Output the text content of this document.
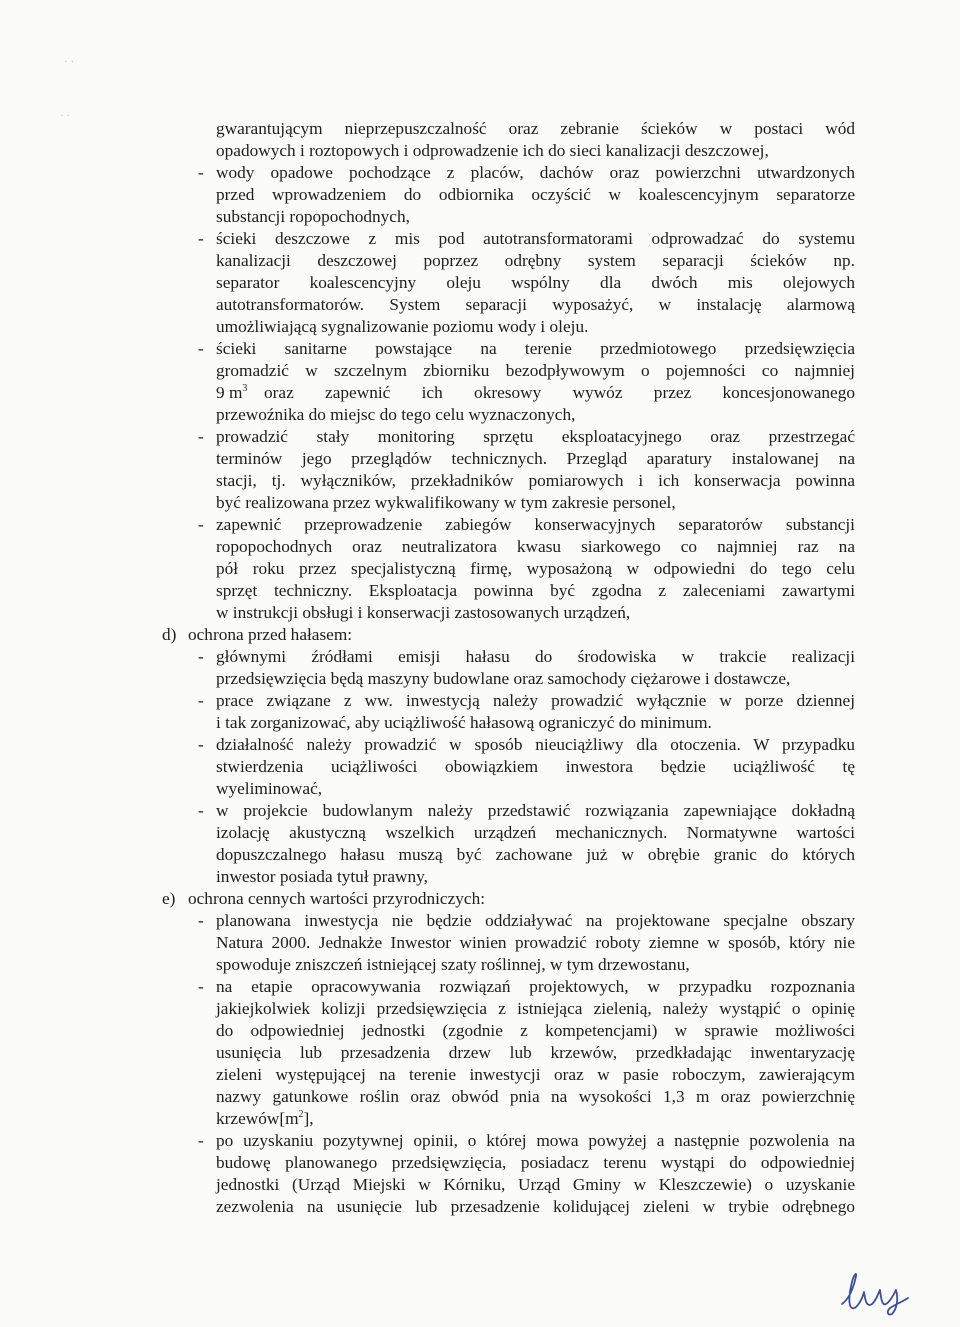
· ·
· ·

gwarantującym nieprzepuszczalność oraz zebranie ścieków w postaci wód

opadowych i roztopowych i odprowadzenie ich do sieci kanalizacji deszczowej,

- wody opadowe pochodzące z placów, dachów oraz powierzchni utwardzonych

przed wprowadzeniem do odbiornika oczyścić w koalescencyjnym separatorze

substancji ropopochodnych,

- ścieki deszczowe z mis pod autotransformatorami odprowadzać do systemu

kanalizacji deszczowej poprzez odrębny system separacji ścieków np.

separator koalescencyjny oleju wspólny dla dwóch mis olejowych

autotransformatorów. System separacji wyposażyć, w instalację alarmową

umożliwiającą sygnalizowanie poziomu wody i oleju.

- ścieki sanitarne powstające na terenie przedmiotowego przedsięwzięcia

gromadzić w szczelnym zbiorniku bezodpływowym o pojemności co najmniej

9 $m^3$ oraz zapewnić ich okresowy wywóz przez koncesjonowanego

przewoźnika do miejsc do tego celu wyznaczonych,

- prowadzić stały monitoring sprzętu eksploatacyjnego oraz przestrzegać

terminów jego przeglądów technicznych. Przegląd aparatury instalowanej na

stacji, tj. wyłączników, przekładników pomiarowych i ich konserwacja powinna

być realizowana przez wykwalifikowany w tym zakresie personel,

- zapewnić przeprowadzenie zabiegów konserwacyjnych separatorów substancji

ropopochodnych oraz neutralizatora kwasu siarkowego co najmniej raz na

pół roku przez specjalistyczną firmę, wyposażoną w odpowiedni do tego celu

sprzęt techniczny. Eksploatacja powinna być zgodna z zaleceniami zawartymi

w instrukcji obsługi i konserwacji zastosowanych urządzeń,

d) ochrona przed hałasem:

- głównymi źródłami emisji hałasu do środowiska w trakcie realizacji

przedsięwzięcia będą maszyny budowlane oraz samochody ciężarowe i dostawcze,

- prace związane z ww. inwestycją należy prowadzić wyłącznie w porze dziennej

i tak zorganizować, aby uciążliwość hałasową ograniczyć do minimum.

- działalność należy prowadzić w sposób nieuciążliwy dla otoczenia. W przypadku

stwierdzenia uciążliwości obowiązkiem inwestora będzie uciążliwość tę

wyeliminować,

- w projekcie budowlanym należy przedstawić rozwiązania zapewniające dokładną

izolację akustyczną wszelkich urządzeń mechanicznych. Normatywne wartości

dopuszczalnego hałasu muszą być zachowane już w obrębie granic do których

inwestor posiada tytuł prawny,

e) ochrona cennych wartości przyrodniczych:

- planowana inwestycja nie będzie oddziaływać na projektowane specjalne obszary

Natura 2000. Jednakże Inwestor winien prowadzić roboty ziemne w sposób, który nie

spowoduje zniszczeń istniejącej szaty roślinnej, w tym drzewostanu,

- na etapie opracowywania rozwiązań projektowych, w przypadku rozpoznania

jakiejkolwiek kolizji przedsięwzięcia z istniejąca zielenią, należy wystąpić o opinię

do odpowiedniej jednostki (zgodnie z kompetencjami) w sprawie możliwości

usunięcia lub przesadzenia drzew lub krzewów, przedkładając inwentaryzację

zieleni występującej na terenie inwestycji oraz w pasie roboczym, zawierającym

nazwy gatunkowe roślin oraz obwód pnia na wysokości 1,3 m oraz powierzchnię

$krzewów[m^2]$,

- po uzyskaniu pozytywnej opinii, o której mowa powyżej a następnie pozwolenia na

budowę planowanego przedsięwzięcia, posiadacz terenu wystąpi do odpowiedniej

jednostki (Urząd Miejski w Kórniku, Urząd Gminy w Kleszczewie) o uzyskanie

zezwolenia na usunięcie lub przesadzenie kolidującej zieleni w trybie odrębnego
